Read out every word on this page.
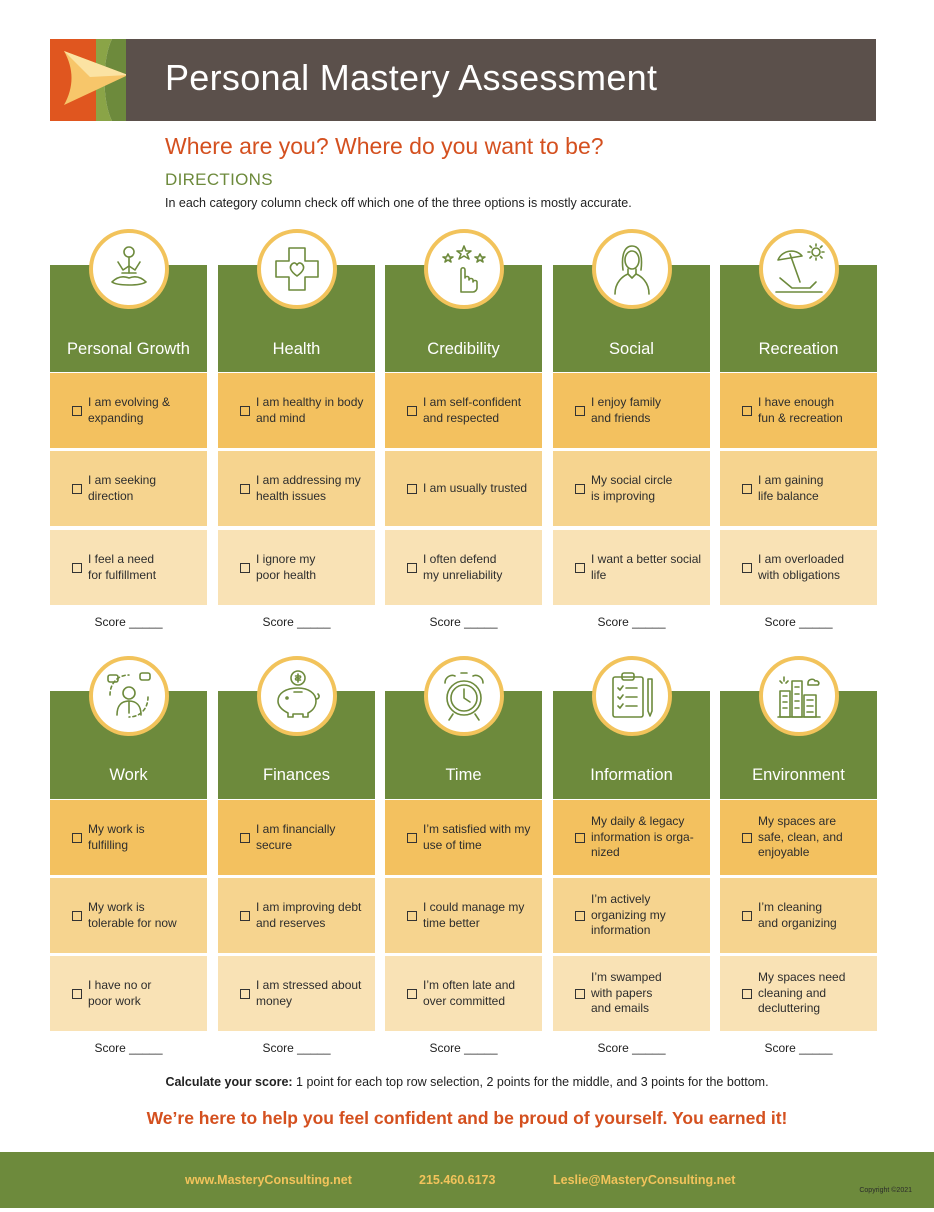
Personal Mastery Assessment
Where are you? Where do you want to be?
DIRECTIONS
In each category column check off which one of the three options is mostly accurate.
Personal Growth
I am evolving &
expanding
I am seeking
direction
I feel a need
for fulfillment
Score _____
Health
I am healthy in body
and mind
I am addressing my
health issues
I ignore my
poor health
Score _____
Credibility
I am self-confident
and respected
I am usually trusted
I often defend
my unreliability
Score _____
Social
I enjoy family
and friends
My social circle
is improving
I want a better social
life
Score _____
Recreation
I have enough
fun & recreation
I am gaining
life balance
I am overloaded
with obligations
Score _____
Work
My work is
fulfilling
My work is
tolerable for now
I have no or
poor work
Score _____
Finances
I am financially
secure
I am improving debt
and reserves
I am stressed about
money
Score _____
Time
I’m satisfied with my
use of time
I could manage my
time better
I’m often late and
over committed
Score _____
Information
My daily & legacy
information is orga-
nized
I’m actively
organizing my
information
I’m swamped
with papers
and emails
Score _____
Environment
My spaces are
safe, clean, and
enjoyable
I’m cleaning
and organizing
My spaces need
cleaning and
decluttering
Score _____
Calculate your score: 1 point for each top row selection, 2 points for the middle, and 3 points for the bottom.
We’re here to help you feel confident and be proud of yourself. You earned it!
www.MasteryConsulting.net	215.460.6173	Leslie@MasteryConsulting.net
Copyright ©2021
